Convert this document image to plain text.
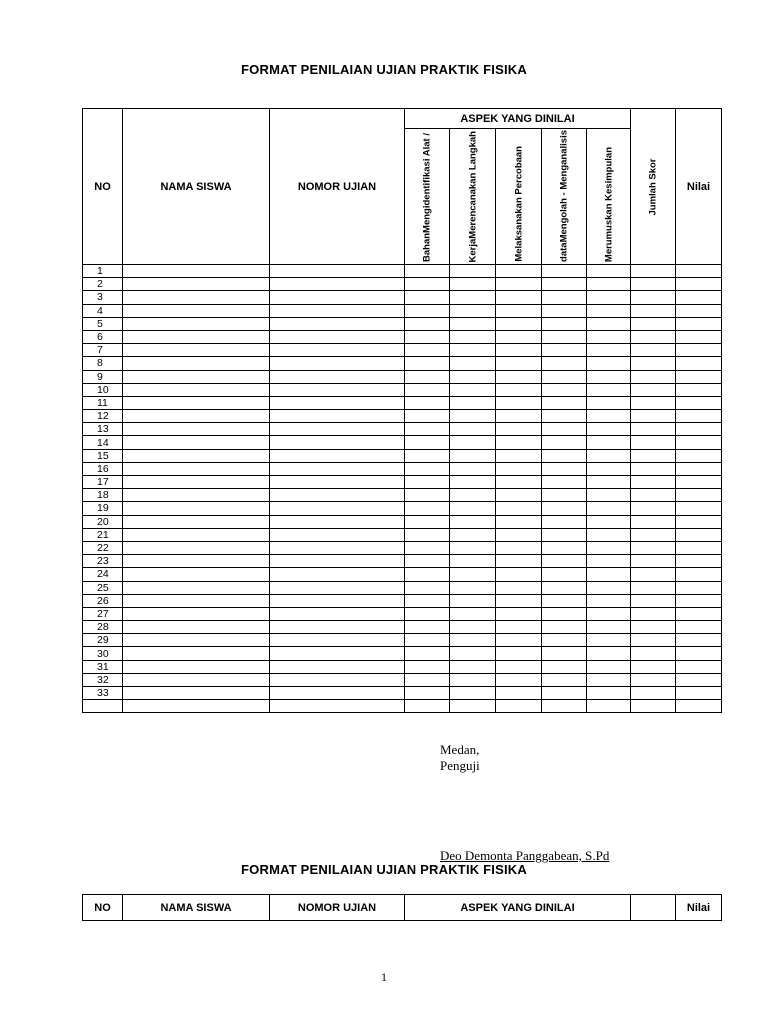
FORMAT PENILAIAN UJIAN PRAKTIK FISIKA
NO	NAMA SISWA	NOMOR UJIAN	ASPEK YANG DINILAI					Jumlah Skor	Nilai

			BahanMengidentifikasi Alat /	KerjaMerencanakan Langkah	Melaksanakan Percobaan	dataMengolah - Menganalisis	Merumuskan Kesimpulan		

1									
2									
3									
4									
5									
6									
7									
8									
9									
10									
11									
12									
13									
14									
15									
16									
17									
18									
19									
20									
21									
22									
23									
24									
25									
26									
27									
28									
29									
30									
31									
32									
33									

Medan,
Penguji
Deo Demonta Panggabean, S.Pd
FORMAT PENILAIAN UJIAN PRAKTIK FISIKA
NO	NAMA SISWA	NOMOR UJIAN	ASPEK YANG DINILAI		Nilai
1
